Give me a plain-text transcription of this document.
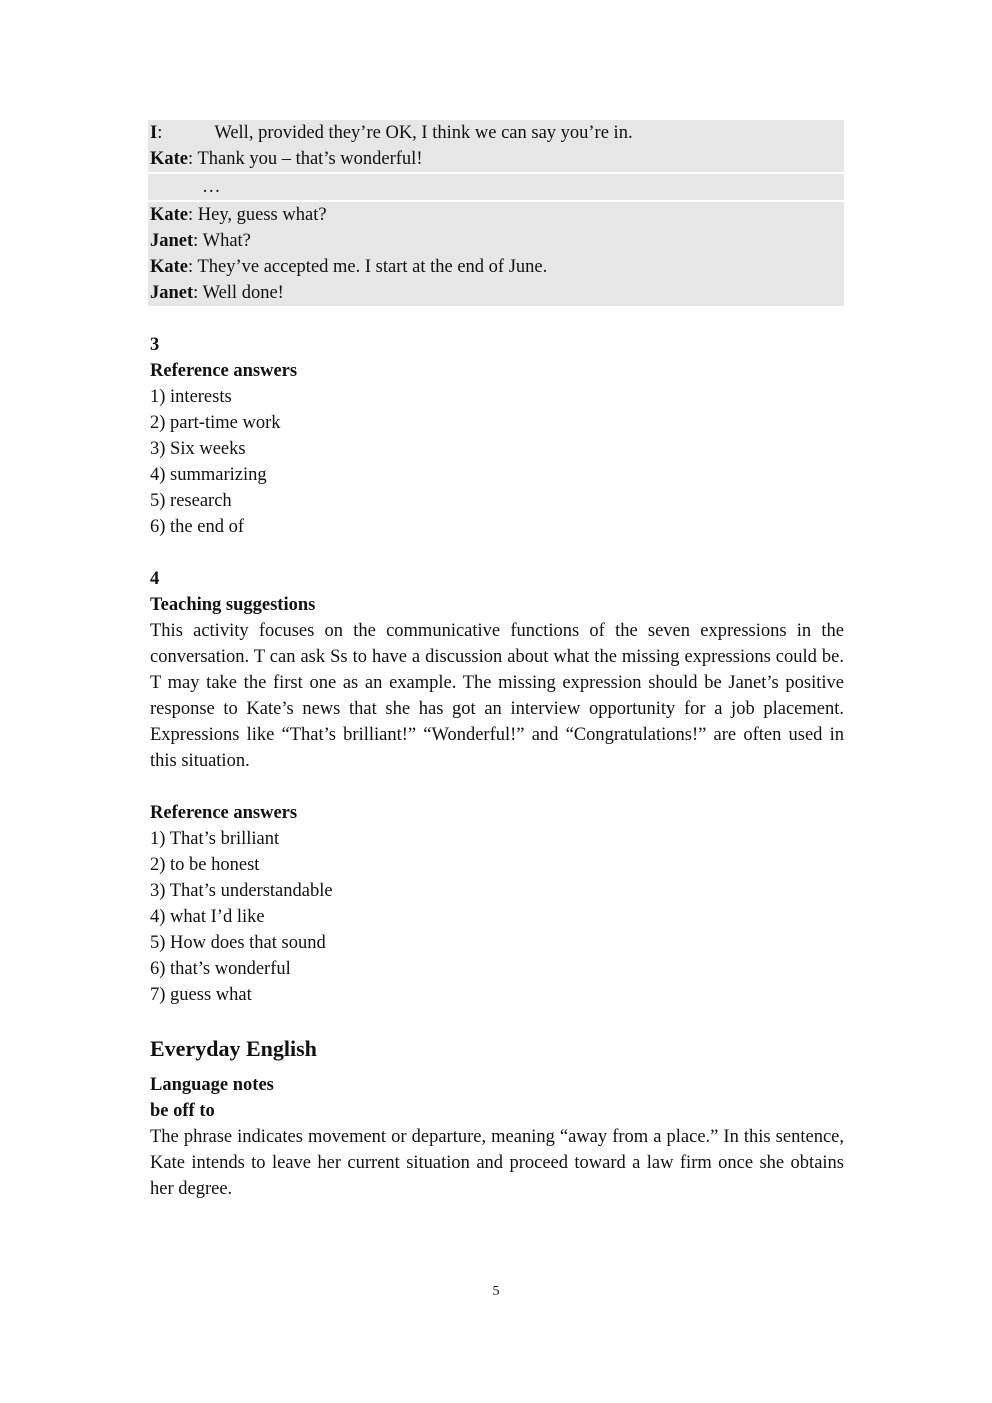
I:	Well, provided they’re OK, I think we can say you’re in.
Kate: Thank you – that’s wonderful!
…
Kate: Hey, guess what?
Janet: What?
Kate: They’ve accepted me. I start at the end of June.
Janet: Well done!
3
Reference answers
1) interests
2) part-time work
3) Six weeks
4) summarizing
5) research
6) the end of
4
Teaching suggestions
This activity focuses on the communicative functions of the seven expressions in the conversation. T can ask Ss to have a discussion about what the missing expressions could be. T may take the first one as an example. The missing expression should be Janet’s positive response to Kate’s news that she has got an interview opportunity for a job placement. Expressions like “That’s brilliant!” “Wonderful!” and “Congratulations!” are often used in this situation.
Reference answers
1) That’s brilliant
2) to be honest
3) That’s understandable
4) what I’d like
5) How does that sound
6) that’s wonderful
7) guess what
Everyday English
Language notes
be off to
The phrase indicates movement or departure, meaning “away from a place.” In this sentence, Kate intends to leave her current situation and proceed toward a law firm once she obtains her degree.
5
